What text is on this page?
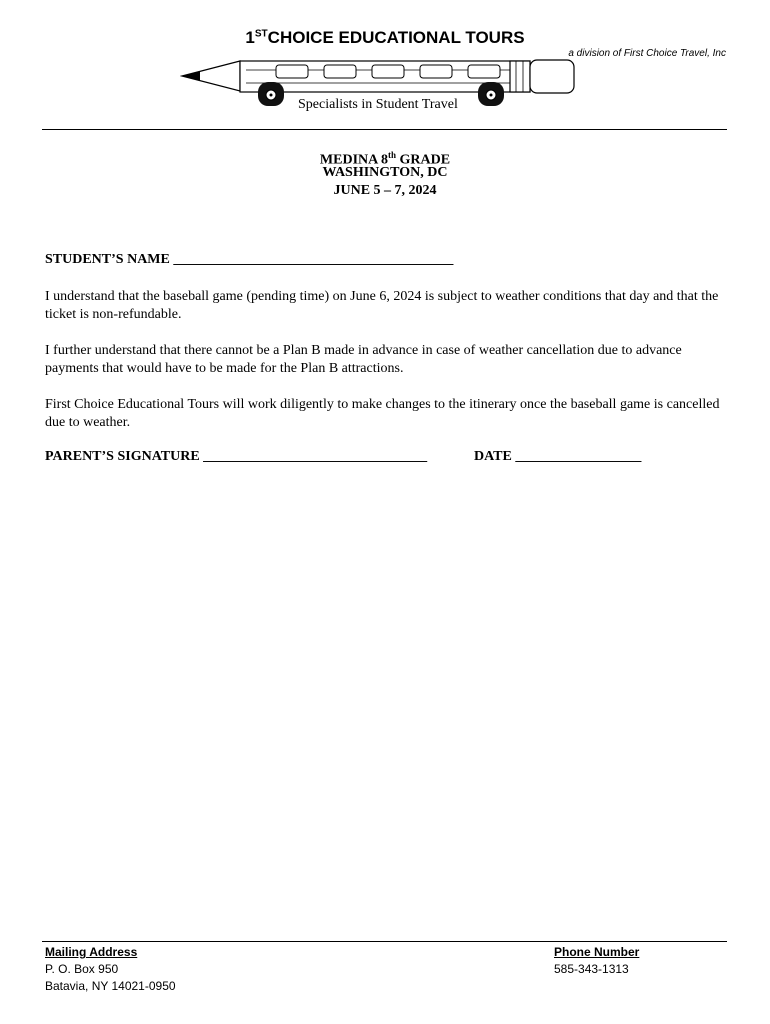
1STCHOICE EDUCATIONAL TOURS
a division of First Choice Travel, Inc
Specialists in Student Travel
MEDINA 8th GRADE
WASHINGTON, DC
JUNE 5 – 7, 2024
STUDENT’S NAME ________________________________________
I understand that the baseball game (pending time) on June 6, 2024 is subject to weather conditions that day and that the ticket is non-refundable.
I further understand that there cannot be a Plan B made in advance in case of weather cancellation due to advance payments that would have to be made for the Plan B attractions.
First Choice Educational Tours will work diligently to make changes to the itinerary once the baseball game is cancelled due to weather.
PARENT’S SIGNATURE ________________________________	DATE __________________
Mailing Address
P. O. Box 950
Batavia, NY 14021-0950
Phone Number
585-343-1313
